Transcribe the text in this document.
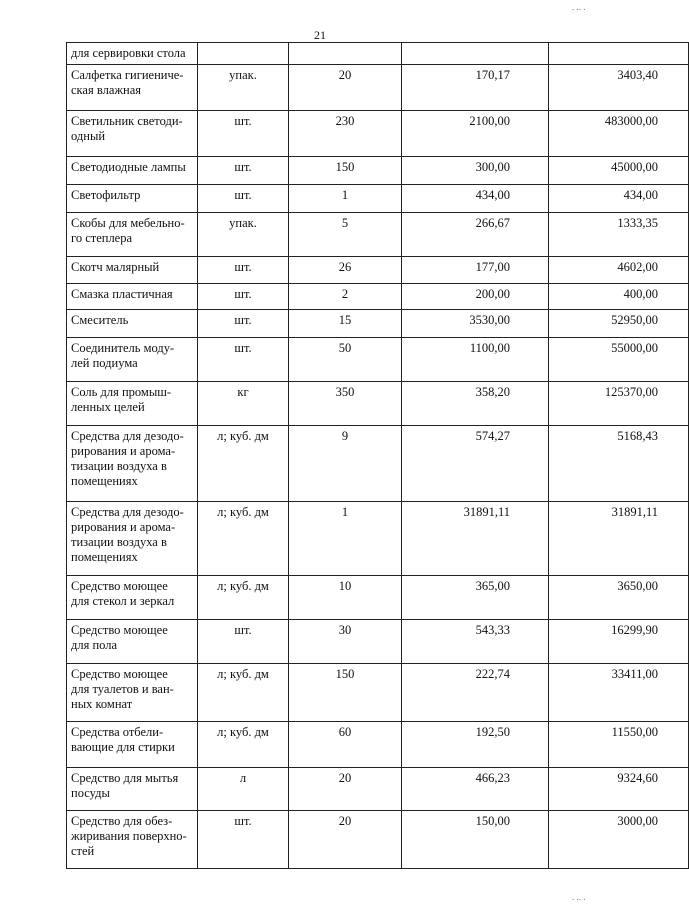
21
для сервировки стола				

Салфетка гигиениче-
ская влажная	упак.	20	170,17	3403,40

Светильник светоди-
одный	шт.	230	2100,00	483000,00

Светодиодные лампы	шт.	150	300,00	45000,00

Светофильтр	шт.	1	434,00	434,00

Скобы для мебельно-
го степлера	упак.	5	266,67	1333,35

Скотч малярный	шт.	26	177,00	4602,00

Смазка пластичная	шт.	2	200,00	400,00

Смеситель	шт.	15	3530,00	52950,00

Соединитель моду-
лей подиума	шт.	50	1100,00	55000,00

Соль для промыш-
ленных целей	кг	350	358,20	125370,00

Средства для дезодо-
рирования и арома-
тизации воздуха в
помещениях	л; куб. дм	9	574,27	5168,43

Средства для дезодо-
рирования и арома-
тизации воздуха в
помещениях	л; куб. дм	1	31891,11	31891,11

Средство моющее
для стекол и зеркал	л; куб. дм	10	365,00	3650,00

Средство моющее
для пола	шт.	30	543,33	16299,90

Средство моющее
для туалетов и ван-
ных комнат	л; куб. дм	150	222,74	33411,00

Средства отбели-
вающие для стирки	л; куб. дм	60	192,50	11550,00

Средство для мытья
посуды	л	20	466,23	9324,60

Средство для обез-
жиривания поверхно-
стей	шт.	20	150,00	3000,00
. .. .
. .. .
